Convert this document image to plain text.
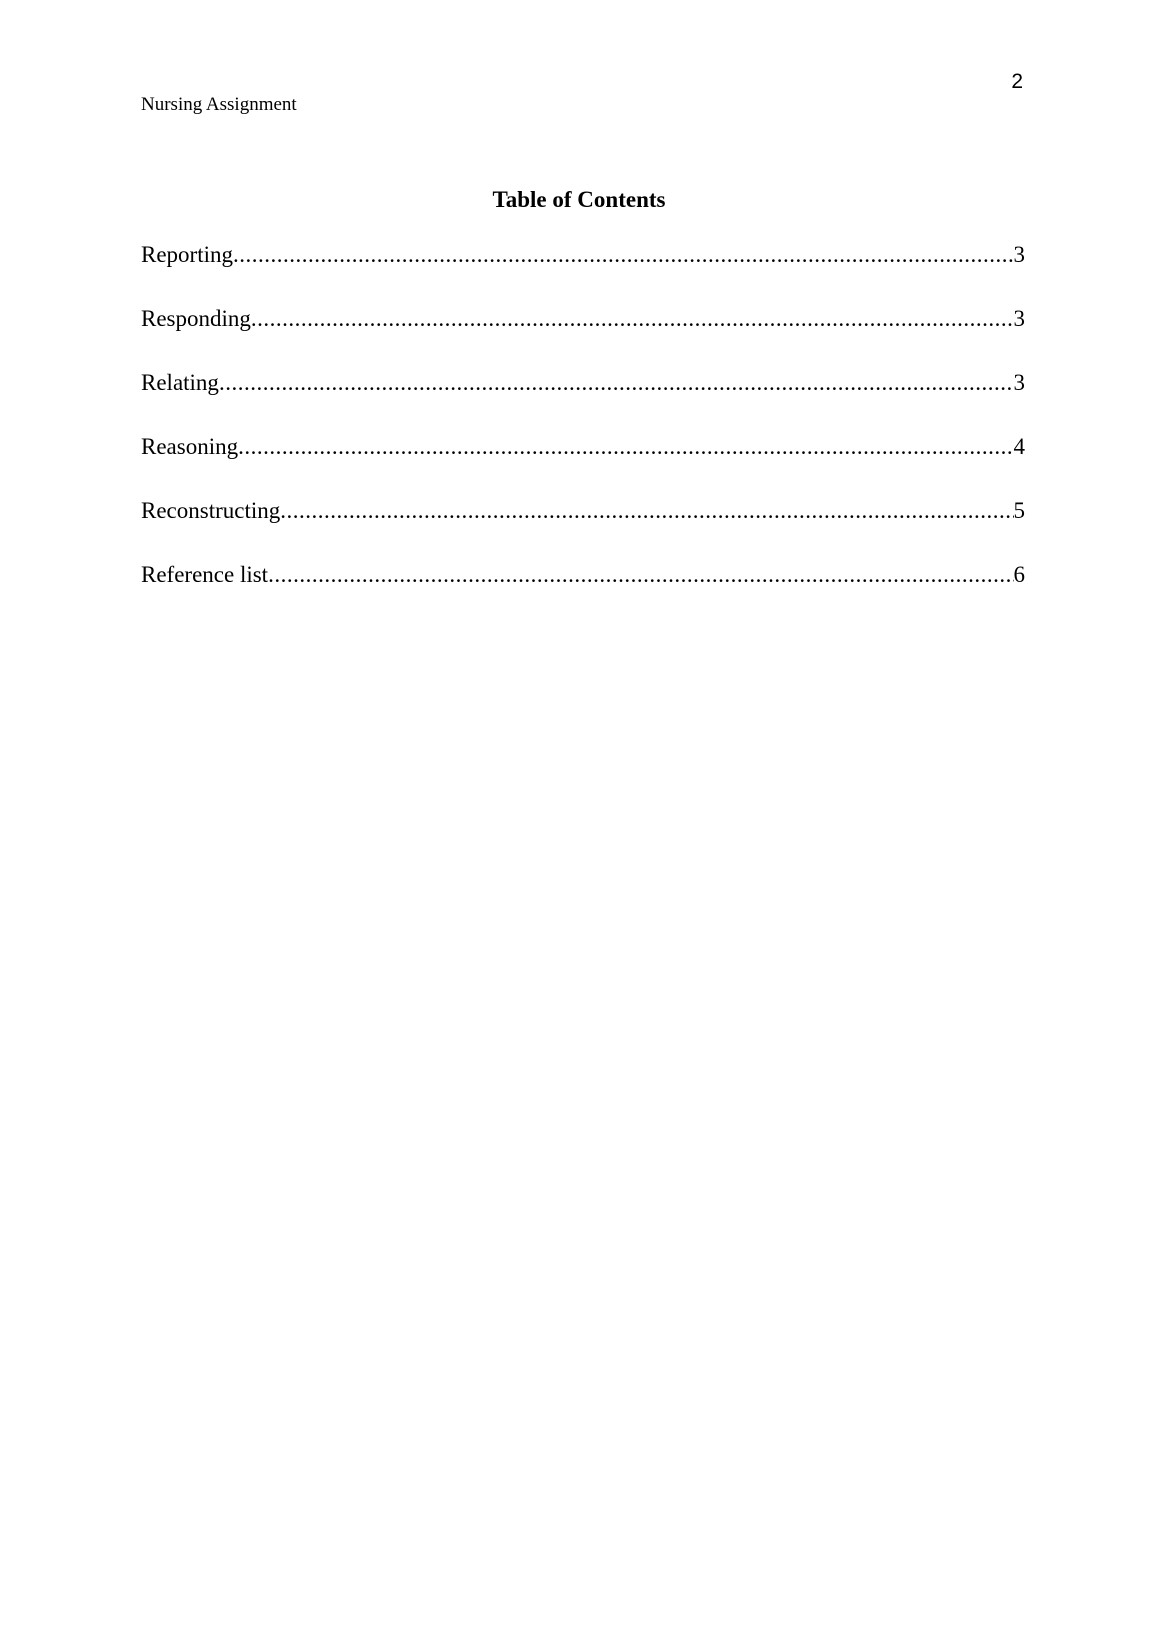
2
Nursing Assignment
Table of Contents
Reporting .....	3
Responding .....	3
Relating .....	3
Reasoning .....	4
Reconstructing .....	5
Reference list .....	6
